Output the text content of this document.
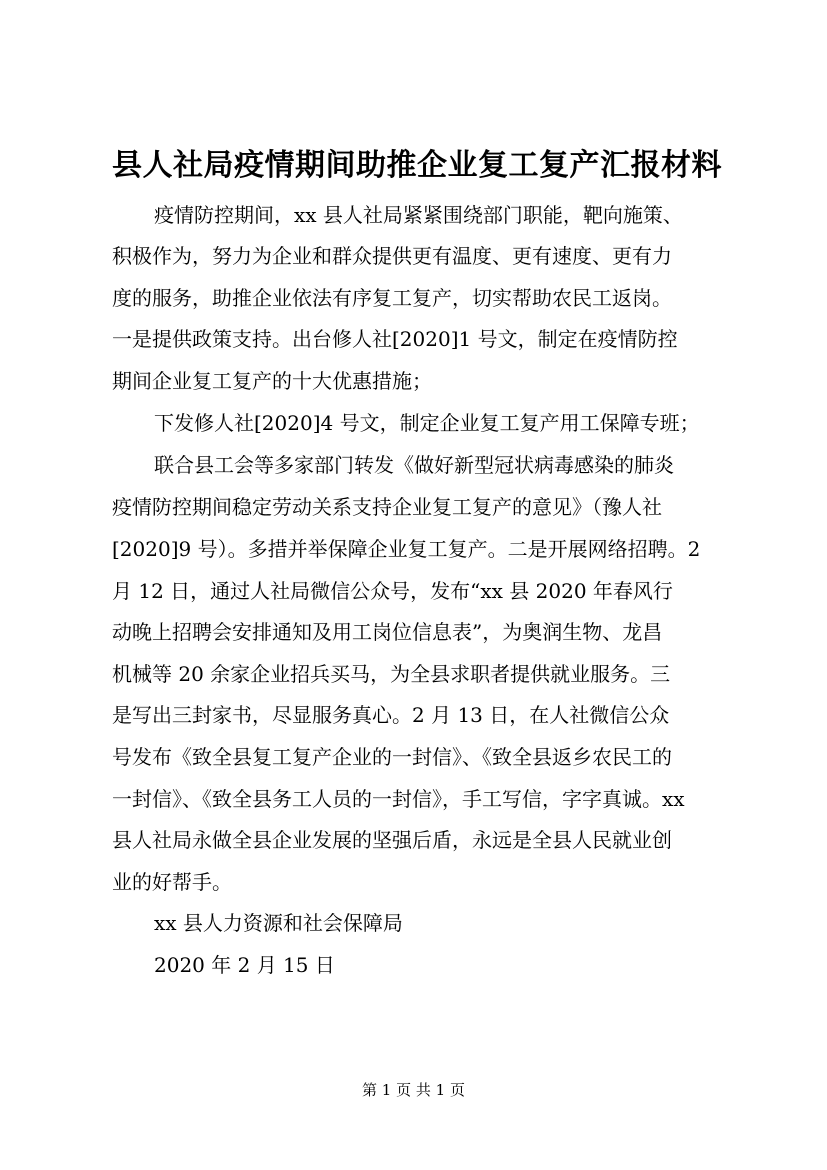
县人社局疫情期间助推企业复工复产汇报材料
疫情防控期间，xx 县人社局紧紧围绕部门职能，靶向施策、
积极作为，努力为企业和群众提供更有温度、更有速度、更有力
度的服务，助推企业依法有序复工复产，切实帮助农民工返岗。
一是提供政策支持。出台修人社[2020]1 号文，制定在疫情防控
期间企业复工复产的十大优惠措施；
下发修人社[2020]4 号文，制定企业复工复产用工保障专班；
联合县工会等多家部门转发《做好新型冠状病毒感染的肺炎
疫情防控期间稳定劳动关系支持企业复工复产的意见》（豫人社
[2020]9 号）。多措并举保障企业复工复产。二是开展网络招聘。2
月 12 日，通过人社局微信公众号，发布“xx 县 2020 年春风行
动晚上招聘会安排通知及用工岗位信息表”，为奥润生物、龙昌
机械等 20 余家企业招兵买马，为全县求职者提供就业服务。三
是写出三封家书，尽显服务真心。2 月 13 日，在人社微信公众
号发布《致全县复工复产企业的一封信》、《致全县返乡农民工的
一封信》、《致全县务工人员的一封信》，手工写信，字字真诚。xx
县人社局永做全县企业发展的坚强后盾，永远是全县人民就业创
业的好帮手。
xx 县人力资源和社会保障局
2020 年 2 月 15 日
第 1 页 共 1 页
